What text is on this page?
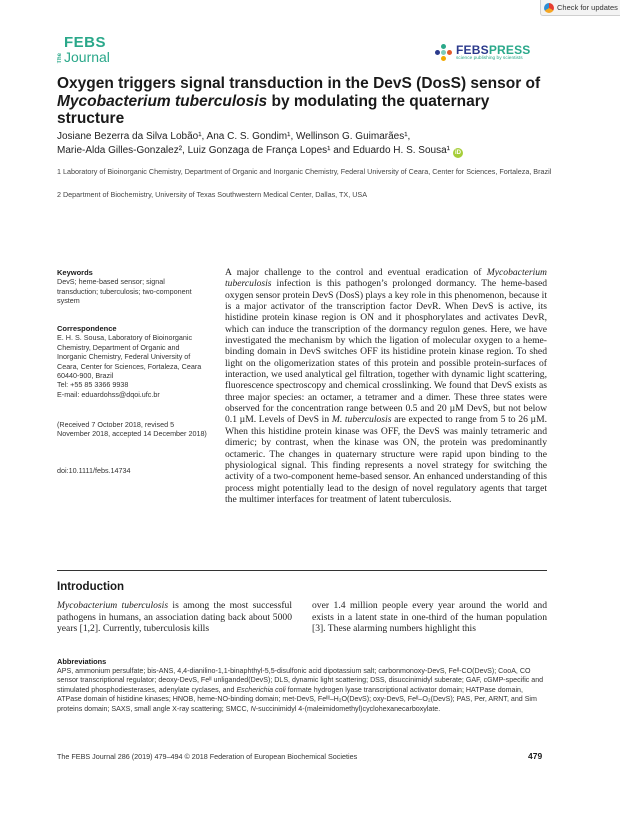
Check for updates
The
FEBS
Journal	FEBSPRESS
science publishing by scientists
Oxygen triggers signal transduction in the DevS (DosS) sensor of Mycobacterium tuberculosis by modulating the quaternary structure
Josiane Bezerra da Silva Lobão¹, Ana C. S. Gondim¹, Wellinson G. Guimarães¹,
Marie-Alda Gilles-Gonzalez², Luiz Gonzaga de França Lopes¹ and Eduardo H. S. Sousa¹ iD
1 Laboratory of Bioinorganic Chemistry, Department of Organic and Inorganic Chemistry, Federal University of Ceara, Center for Sciences, Fortaleza, Brazil
2 Department of Biochemistry, University of Texas Southwestern Medical Center, Dallas, TX, USA
Keywords
DevS; heme-based sensor; signal transduction; tuberculosis; two-component system
Correspondence
E. H. S. Sousa, Laboratory of Bioinorganic
Chemistry, Department of Organic and
Inorganic Chemistry, Federal University of
Ceara, Center for Sciences, Fortaleza, Ceara
60440-900, Brazil
Tel: +55 85 3366 9938
E-mail: eduardohss@dqoi.ufc.br
(Received 7 October 2018, revised 5 November 2018, accepted 14 December 2018)
doi:10.1111/febs.14734
A major challenge to the control and eventual eradication of Mycobacterium tuberculosis infection is this pathogen’s prolonged dormancy. The heme-based oxygen sensor protein DevS (DosS) plays a key role in this phenomenon, because it is a major activator of the transcription factor DevR. When DevS is active, its histidine protein kinase region is ON and it phosphorylates and activates DevR, which can induce the transcription of the dormancy regulon genes. Here, we have investigated the mechanism by which the ligation of molecular oxygen to a heme-binding domain in DevS switches OFF its histidine protein kinase region. To shed light on the oligomerization states of this protein and possible protein-surfaces of interaction, we used analytical gel filtration, together with dynamic light scattering, fluorescence spectroscopy and chemical crosslinking. We found that DevS exists as three major species: an octamer, a tetramer and a dimer. These three states were observed for the concentration range between 0.5 and 20 µM DevS, but not below 0.1 µM. Levels of DevS in M. tuberculosis are expected to range from 5 to 26 µM. When this histidine protein kinase was OFF, the DevS was mainly tetrameric and dimeric; by contrast, when the kinase was ON, the protein was predominantly octameric. The changes in quaternary structure were rapid upon binding to the physiological signal. This finding represents a novel strategy for switching the activity of a two-component heme-based sensor. An enhanced understanding of this process might potentially lead to the design of novel regulatory agents that target the multimer interfaces for treatment of latent tuberculosis.
Introduction
Mycobacterium tuberculosis is among the most successful pathogens in humans, an association dating back about 5000 years [1,2]. Currently, tuberculosis kills
over 1.4 million people every year around the world and exists in a latent state in one-third of the human population [3]. These alarming numbers highlight this
Abbreviations
APS, ammonium persulfate; bis-ANS, 4,4-dianilino-1,1-binaphthyl-5,5-disulfonic acid dipotassium salt; carbonmonoxy-DevS, Feᴵᴵ-CO(DevS); CooA, CO sensor transcriptional regulator; deoxy-DevS, Feᴵᴵ unliganded(DevS); DLS, dynamic light scattering; DSS, disuccinimidyl suberate; GAF, cGMP-specific and stimulated phosphodiesterases, adenylate cyclases, and Escherichia coli formate hydrogen lyase transcriptional activator domain; HATPase domain, ATPase domain of histidine kinases; HNOB, heme-NO-binding domain; met-DevS, Feᴵᴵᴵ–H₂O(DevS); oxy-DevS, Feᴵᴵ–O₂(DevS); PAS, Per, ARNT, and Sim proteins domain; SAXS, small angle X-ray scattering; SMCC, N-succinimidyl 4-(maleimidomethyl)cyclohexanecarboxylate.
The FEBS Journal 286 (2019) 479–494 © 2018 Federation of European Biochemical Societies	479
